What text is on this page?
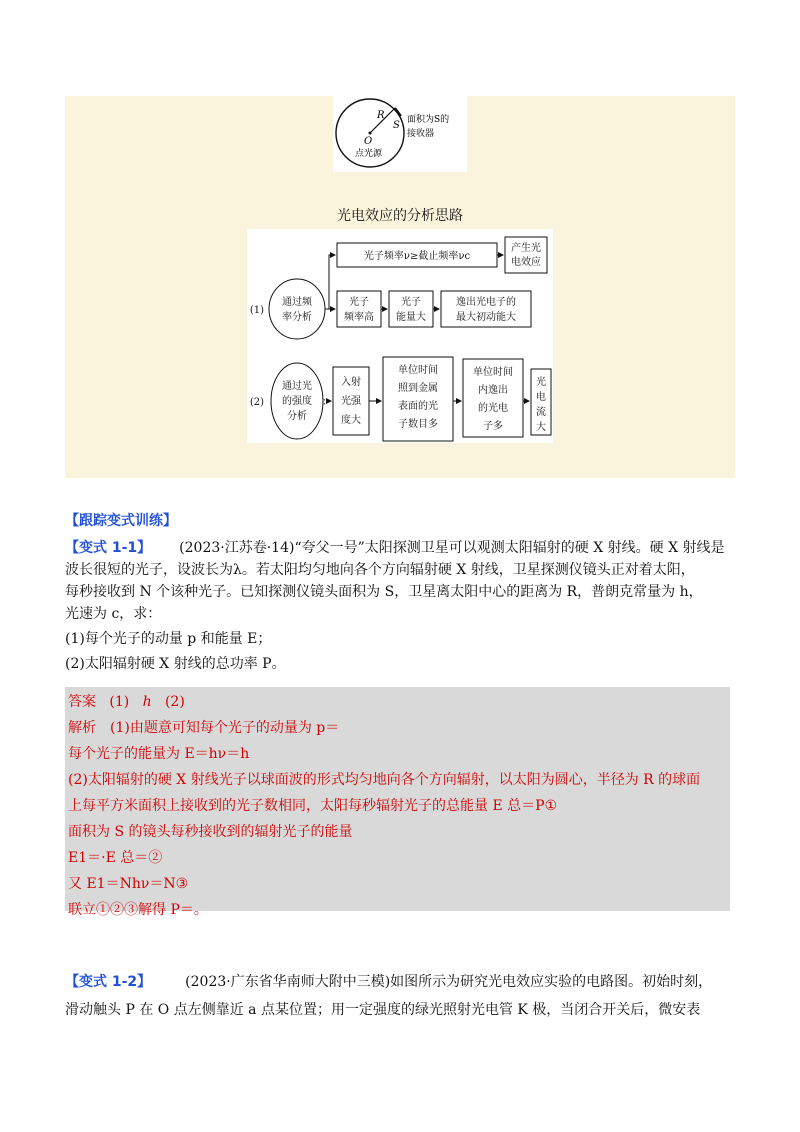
R
S
O
点光源
面积为S的
接收器
光电效应的分析思路
(1)
通过频
率分析
光子频率ν≥截止频率νc
产生光
电效应
光子
频率高
光子
能量大
逸出光电子的
最大初动能大
(2)
通过光
的强度
分析
：
入射
光强
度大
单位时间
照到金属
表面的光
子数目多
单位时间
内逸出
的光电
子多
光
电
流
大
【跟踪变式训练】

【变式 1-1】 (2023·江苏卷·14)“夸父一号”太阳探测卫星可以观测太阳辐射的硬 X 射线。硬 X 射线是

波长很短的光子，设波长为λ。若太阳均匀地向各个方向辐射硬 X 射线，卫星探测仪镜头正对着太阳，

每秒接收到 N 个该种光子。已知探测仪镜头面积为 S，卫星离太阳中心的距离为 R，普朗克常量为 h，

光速为 c，求：

(1)每个光子的动量 p 和能量 E；

(2)太阳辐射硬 X 射线的总功率 P。

答案 (1) h (2)
解析　(1)由题意可知每个光子的动量为 p＝
每个光子的能量为 E＝hν＝h
(2)太阳辐射的硬 X 射线光子以球面波的形式均匀地向各个方向辐射，以太阳为圆心，半径为 R 的球面
上每平方米面积上接收到的光子数相同，太阳每秒辐射光子的总能量 E 总＝P①
面积为 S 的镜头每秒接收到的辐射光子的能量
E1＝·E 总＝②
又 E1＝Nhν＝N③
联立①②③解得 P＝。

【变式 1-2】 (2023·广东省华南师大附中三模)如图所示为研究光电效应实验的电路图。初始时刻，

滑动触头 P 在 O 点左侧靠近 a 点某位置；用一定强度的绿光照射光电管 K 极，当闭合开关后，微安表
